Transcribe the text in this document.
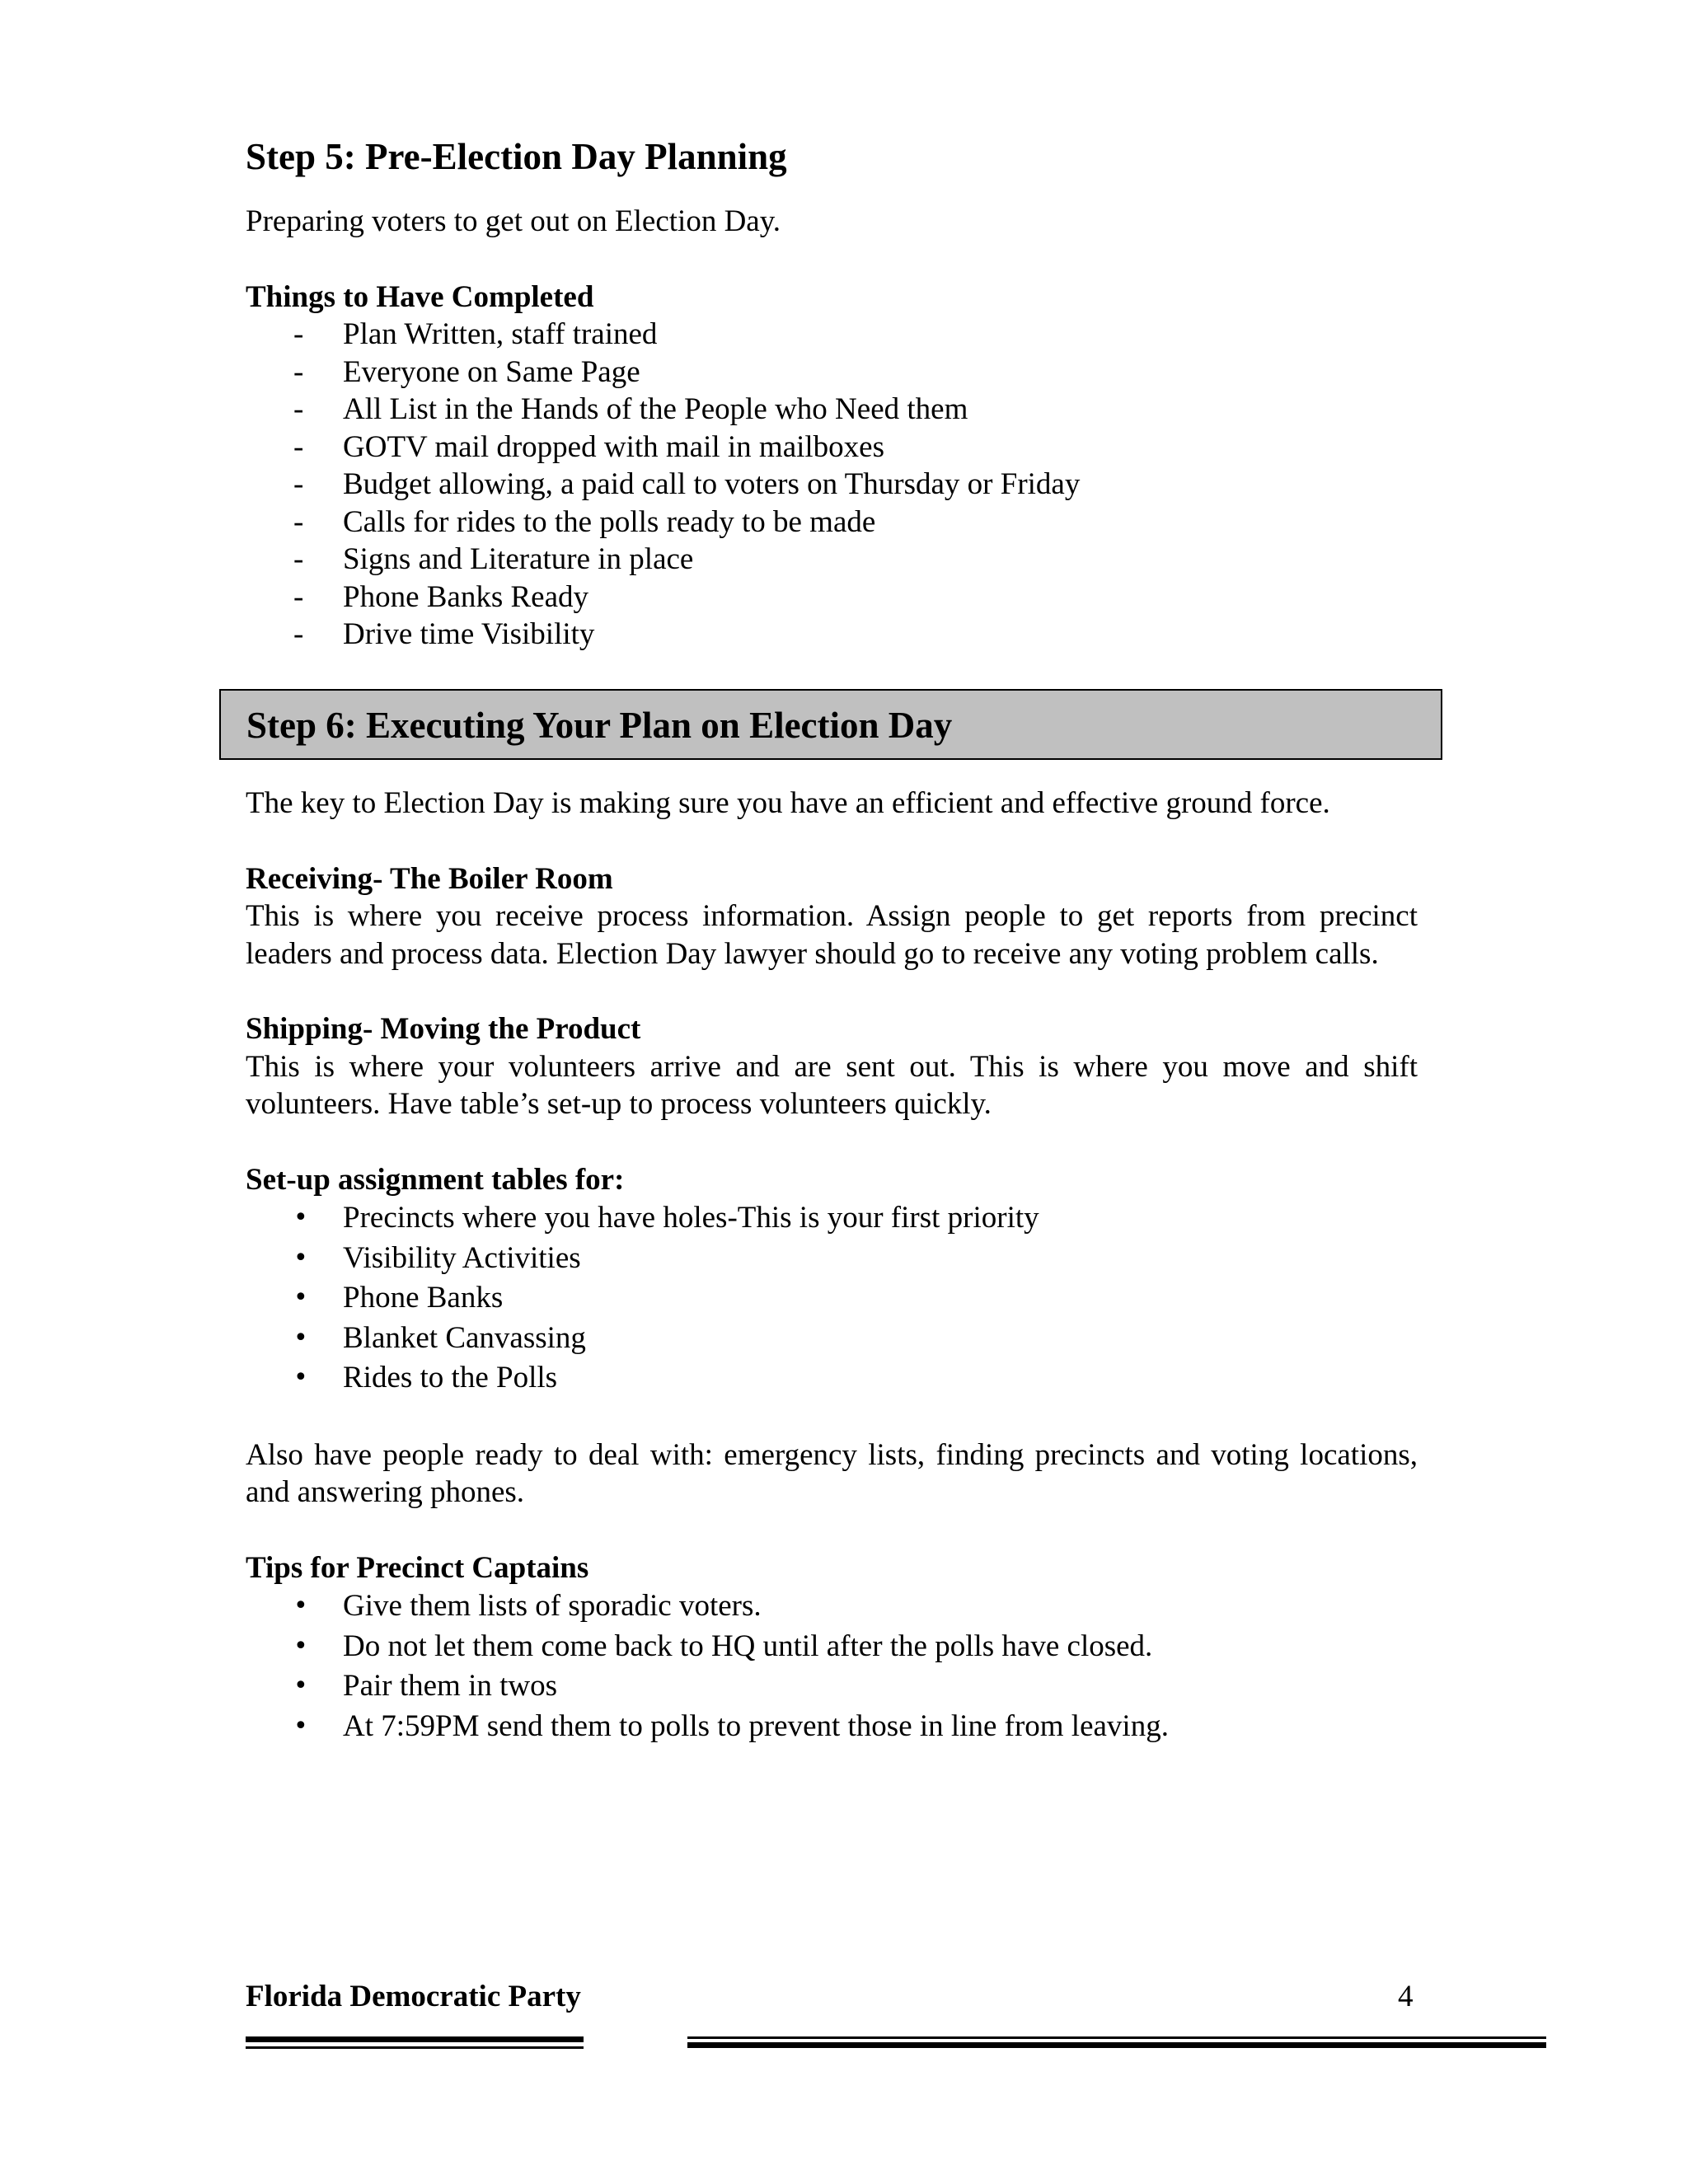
Step 5: Pre-Election Day Planning

Preparing voters to get out on Election Day.

Things to Have Completed

- Plan Written, staff trained
- Everyone on Same Page
- All List in the Hands of the People who Need them
- GOTV mail dropped with mail in mailboxes
- Budget allowing, a paid call to voters on Thursday or Friday
- Calls for rides to the polls ready to be made
- Signs and Literature in place
- Phone Banks Ready
- Drive time Visibility
Step 6: Executing Your Plan on Election Day

The key to Election Day is making sure you have an efficient and effective ground force.

Receiving- The Boiler Room

This is where you receive process information. Assign people to get reports from precinct leaders and process data. Election Day lawyer should go to receive any voting problem calls.

Shipping- Moving the Product

This is where your volunteers arrive and are sent out. This is where you move and shift volunteers. Have table’s set-up to process volunteers quickly.

Set-up assignment tables for:

• Precincts where you have holes-This is your first priority
• Visibility Activities
• Phone Banks
• Blanket Canvassing
• Rides to the Polls

Also have people ready to deal with: emergency lists, finding precincts and voting locations, and answering phones.

Tips for Precinct Captains

• Give them lists of sporadic voters.
• Do not let them come back to HQ until after the polls have closed.
• Pair them in twos
• At 7:59PM send them to polls to prevent those in line from leaving.
Florida Democratic Party	4
